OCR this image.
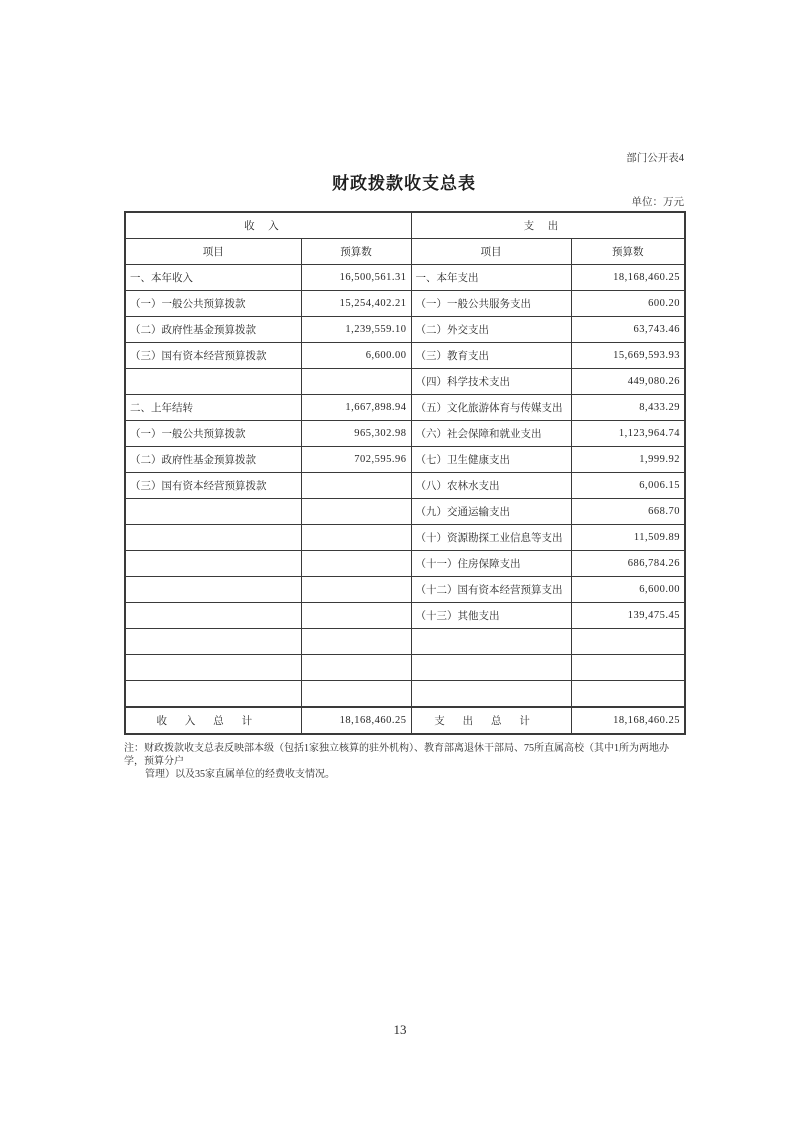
部门公开表4
财政拨款收支总表
单位：万元
收入		支出	
项目	预算数	项目	预算数
一、本年收入	16,500,561.31	一、本年支出	18,168,460.25
（一）一般公共预算拨款	15,254,402.21	（一）一般公共服务支出	600.20
（二）政府性基金预算拨款	1,239,559.10	（二）外交支出	63,743.46
（三）国有资本经营预算拨款	6,600.00	（三）教育支出	15,669,593.93
		（四）科学技术支出	449,080.26
二、上年结转	1,667,898.94	（五）文化旅游体育与传媒支出	8,433.29
（一）一般公共预算拨款	965,302.98	（六）社会保障和就业支出	1,123,964.74
（二）政府性基金预算拨款	702,595.96	（七）卫生健康支出	1,999.92
（三）国有资本经营预算拨款		（八）农林水支出	6,006.15
		（九）交通运输支出	668.70
		（十）资源勘探工业信息等支出	11,509.89
		（十一）住房保障支出	686,784.26
		（十二）国有资本经营预算支出	6,600.00
		（十三）其他支出	139,475.45

收入总计	18,168,460.25	支出总计	18,168,460.25
注：财政拨款收支总表反映部本级（包括1家独立核算的驻外机构）、教育部离退休干部局、75所直属高校（其中1所为两地办学，预算分户
管理）以及35家直属单位的经费收支情况。
13
